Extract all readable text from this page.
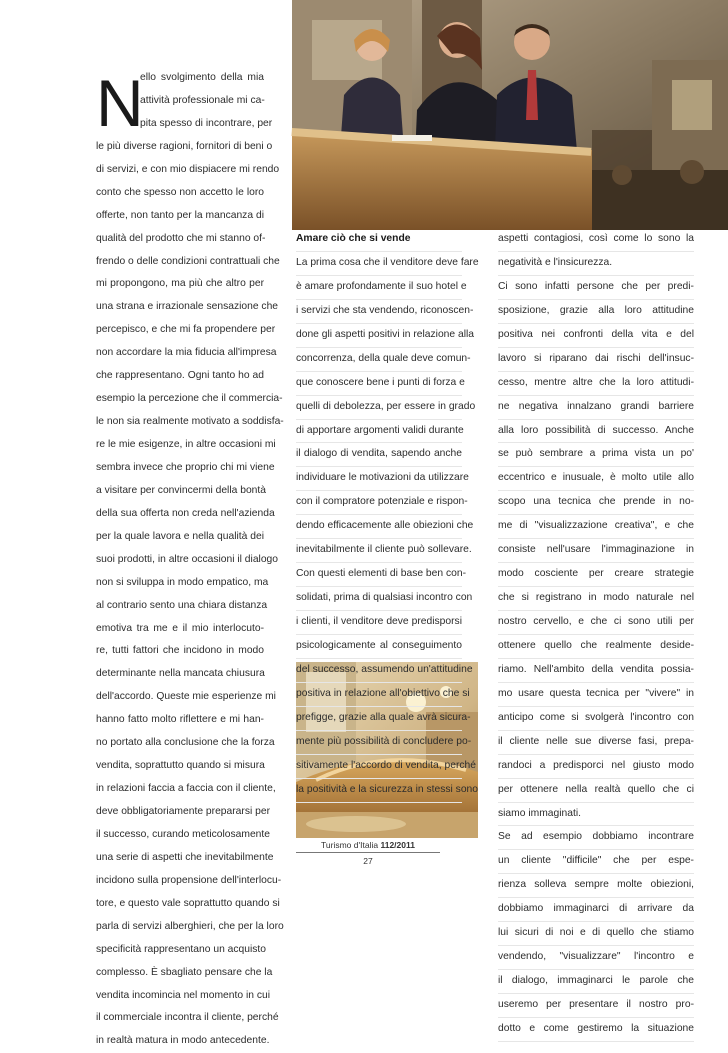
N
ello svolgimento della mia
attività professionale mi ca-
pita spesso di incontrare, per
le più diverse ragioni, fornitori di beni o
di servizi, e con mio dispiacere mi rendo
conto che spesso non accetto le loro
offerte, non tanto per la mancanza di
qualità del prodotto che mi stanno of-
frendo o delle condizioni contrattuali che
mi propongono, ma più che altro per
una strana e irrazionale sensazione che
percepisco, e che mi fa propendere per
non accordare la mia fiducia all'impresa
che rappresentano. Ogni tanto ho ad
esempio la percezione che il commercia-
le non sia realmente motivato a soddisfa-
re le mie esigenze, in altre occasioni mi
sembra invece che proprio chi mi viene
a visitare per convincermi della bontà
della sua offerta non creda nell'azienda
per la quale lavora e nella qualità dei
suoi prodotti, in altre occasioni il dialogo
non si sviluppa in modo empatico, ma
al contrario sento una chiara distanza
emotiva tra me e il mio interlocuto-
re, tutti fattori che incidono in modo
determinante nella mancata chiusura
dell'accordo. Queste mie esperienze mi
hanno fatto molto riflettere e mi han-
no portato alla conclusione che la forza
vendita, soprattutto quando si misura
in relazioni faccia a faccia con il cliente,
deve obbligatoriamente prepararsi per
il successo, curando meticolosamente
una serie di aspetti che inevitabilmente
incidono sulla propensione dell'interlocu-
tore, e questo vale soprattutto quando si
parla di servizi alberghieri, che per la loro
specificità rappresentano un acquisto
complesso. È sbagliato pensare che la
vendita incomincia nel momento in cui
il commerciale incontra il cliente, perché
in realtà matura in modo antecedente.
Amare ciò che si vende
La prima cosa che il venditore deve fare
è amare profondamente il suo hotel e
i servizi che sta vendendo, riconoscen-
done gli aspetti positivi in relazione alla
concorrenza, della quale deve comun-
que conoscere bene i punti di forza e
quelli di debolezza, per essere in grado
di apportare argomenti validi durante
il dialogo di vendita, sapendo anche
individuare le motivazioni da utilizzare
con il compratore potenziale e rispon-
dendo efficacemente alle obiezioni che
inevitabilmente il cliente può sollevare.
Con questi elementi di base ben con-
solidati, prima di qualsiasi incontro con
i clienti, il venditore deve predisporsi
psicologicamente al conseguimento
del successo, assumendo un'attitudine
positiva in relazione all'obiettivo che si
prefigge, grazie alla quale avrà sicura-
mente più possibilità di concludere po-
sitivamente l'accordo di vendita, perché
la positività e la sicurezza in stessi sono
aspetti contagiosi, così come lo sono la
negatività e l'insicurezza.
Ci sono infatti persone che per predi-
sposizione, grazie alla loro attitudine
positiva nei confronti della vita e del
lavoro si riparano dai rischi dell'insuc-
cesso, mentre altre che la loro attitudi-
ne negativa innalzano grandi barriere
alla loro possibilità di successo. Anche
se può sembrare a prima vista un po'
eccentrico e inusuale, è molto utile allo
scopo una tecnica che prende in no-
me di "visualizzazione creativa", e che
consiste nell'usare l'immaginazione in
modo cosciente per creare strategie
che si registrano in modo naturale nel
nostro cervello, e che ci sono utili per
ottenere quello che realmente deside-
riamo. Nell'ambito della vendita possia-
mo usare questa tecnica per "vivere" in
anticipo come si svolgerà l'incontro con
il cliente nelle sue diverse fasi, prepa-
randoci a predisporci nel giusto modo
per ottenere nella realtà quello che ci
siamo immaginati.
Se ad esempio dobbiamo incontrare
un cliente "difficile" che per espe-
rienza solleva sempre molte obiezioni,
dobbiamo immaginarci di arrivare da
lui sicuri di noi e di quello che stiamo
vendendo, "visualizzare" l'incontro e
il dialogo, immaginarci le parole che
useremo per presentare il nostro pro-
dotto e come gestiremo la situazione
Turismo d'Italia 112/2011
27
